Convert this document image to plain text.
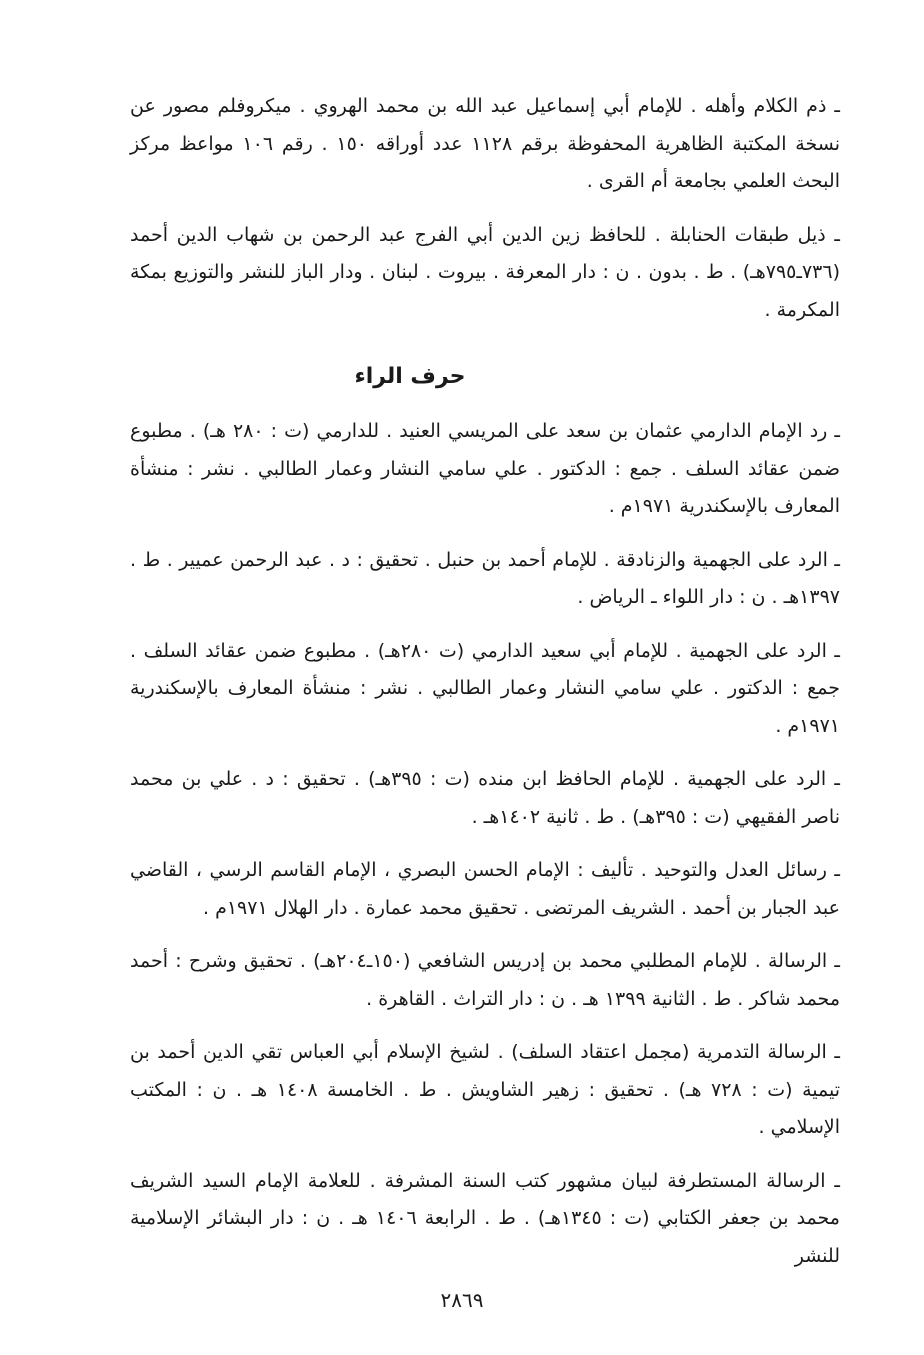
ـ ذم الكلام وأهله . للإمام أبي إسماعيل عبد الله بن محمد الهروي . ميكروفلم مصور عن نسخة المكتبة الظاهرية المحفوظة برقم ١١٢٨ عدد أوراقه ١٥٠ . رقم ١٠٦ مواعظ مركز البحث العلمي بجامعة أم القرى .

ـ ذيل طبقات الحنابلة . للحافظ زين الدين أبي الفرج عبد الرحمن بن شهاب الدين أحمد (٧٣٦ـ٧٩٥هـ) . ط . بدون . ن : دار المعرفة . بيروت . لبنان . ودار الباز للنشر والتوزيع بمكة المكرمة .

حرف الراء

ـ رد الإمام الدارمي عثمان بن سعد على المريسي العنيد . للدارمي (ت : ٢٨٠ هـ) . مطبوع ضمن عقائد السلف . جمع : الدكتور . علي سامي النشار وعمار الطالبي . نشر : منشأة المعارف بالإسكندرية ١٩٧١م .

ـ الرد على الجهمية والزنادقة . للإمام أحمد بن حنبل . تحقيق : د . عبد الرحمن عميير . ط . ١٣٩٧هـ . ن : دار اللواء ـ الرياض .

ـ الرد على الجهمية . للإمام أبي سعيد الدارمي (ت ٢٨٠هـ) . مطبوع ضمن عقائد السلف . جمع : الدكتور . علي سامي النشار وعمار الطالبي . نشر : منشأة المعارف بالإسكندرية ١٩٧١م .

ـ الرد على الجهمية . للإمام الحافظ ابن منده (ت : ٣٩٥هـ) . تحقيق : د . علي بن محمد ناصر الفقيهي (ت : ٣٩٥هـ) . ط . ثانية ١٤٠٢هـ .

ـ رسائل العدل والتوحيد . تأليف : الإمام الحسن البصري ، الإمام القاسم الرسي ، القاضي عبد الجبار بن أحمد . الشريف المرتضى . تحقيق محمد عمارة . دار الهلال ١٩٧١م .

ـ الرسالة . للإمام المطلبي محمد بن إدريس الشافعي (١٥٠ـ٢٠٤هـ) . تحقيق وشرح : أحمد محمد شاكر . ط . الثانية ١٣٩٩ هـ . ن : دار التراث . القاهرة .

ـ الرسالة التدمرية (مجمل اعتقاد السلف) . لشيخ الإسلام أبي العباس تقي الدين أحمد بن تيمية (ت : ٧٢٨ هـ) . تحقيق : زهير الشاويش . ط . الخامسة ١٤٠٨ هـ . ن : المكتب الإسلامي .

ـ الرسالة المستطرفة لبيان مشهور كتب السنة المشرفة . للعلامة الإمام السيد الشريف محمد بن جعفر الكتابي (ت : ١٣٤٥هـ) . ط . الرابعة ١٤٠٦ هـ . ن : دار البشائر الإسلامية للنشر

٢٨٦٩
